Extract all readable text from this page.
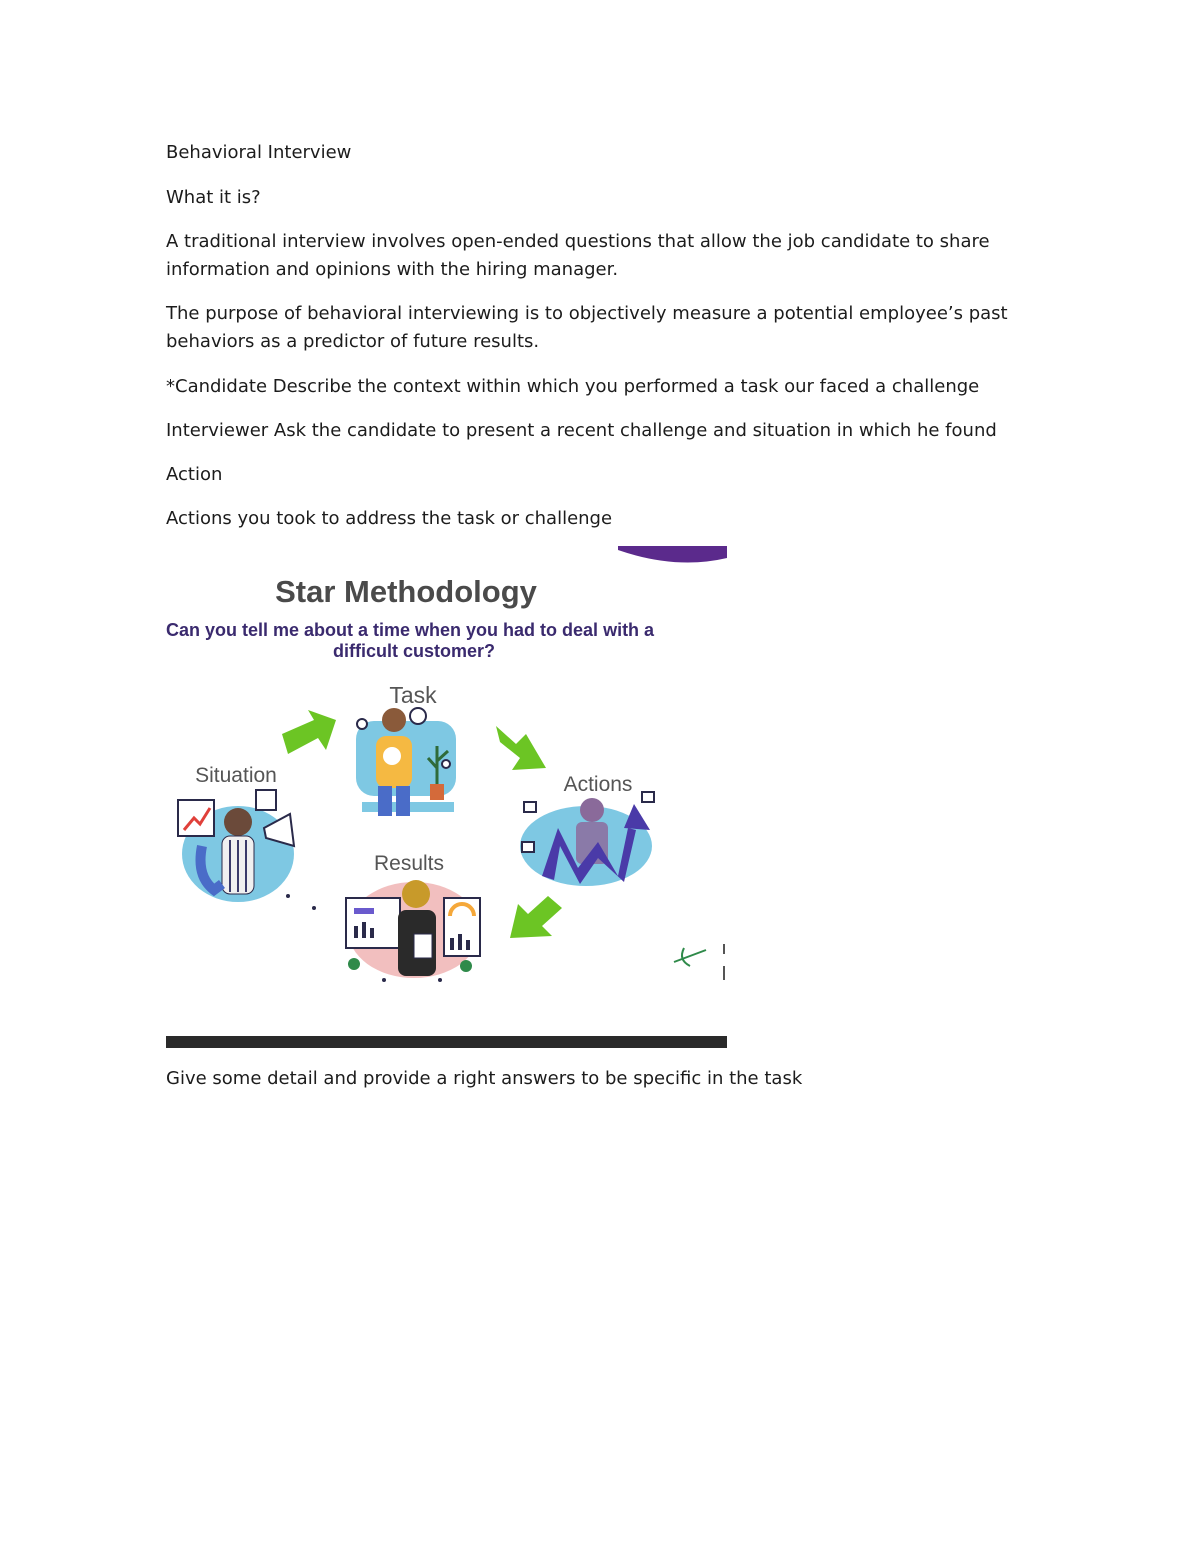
Behavioral Interview

What it is?

A traditional interview involves open-ended questions that allow the job candidate to share

information and opinions with the hiring manager.

The purpose of behavioral interviewing is to objectively measure a potential employee’s past

behaviors as a predictor of future results.

*Candidate Describe the context within which you performed a task our faced a challenge

Interviewer Ask the candidate to present a recent challenge and situation in which he found

Action

Actions you took to address the task or challenge

Star Methodology
Can you tell me about a time when you had to deal with a
difficult customer?
Task
Situation	Actions
Results

Give some detail and provide a right answers to be specific in the task
